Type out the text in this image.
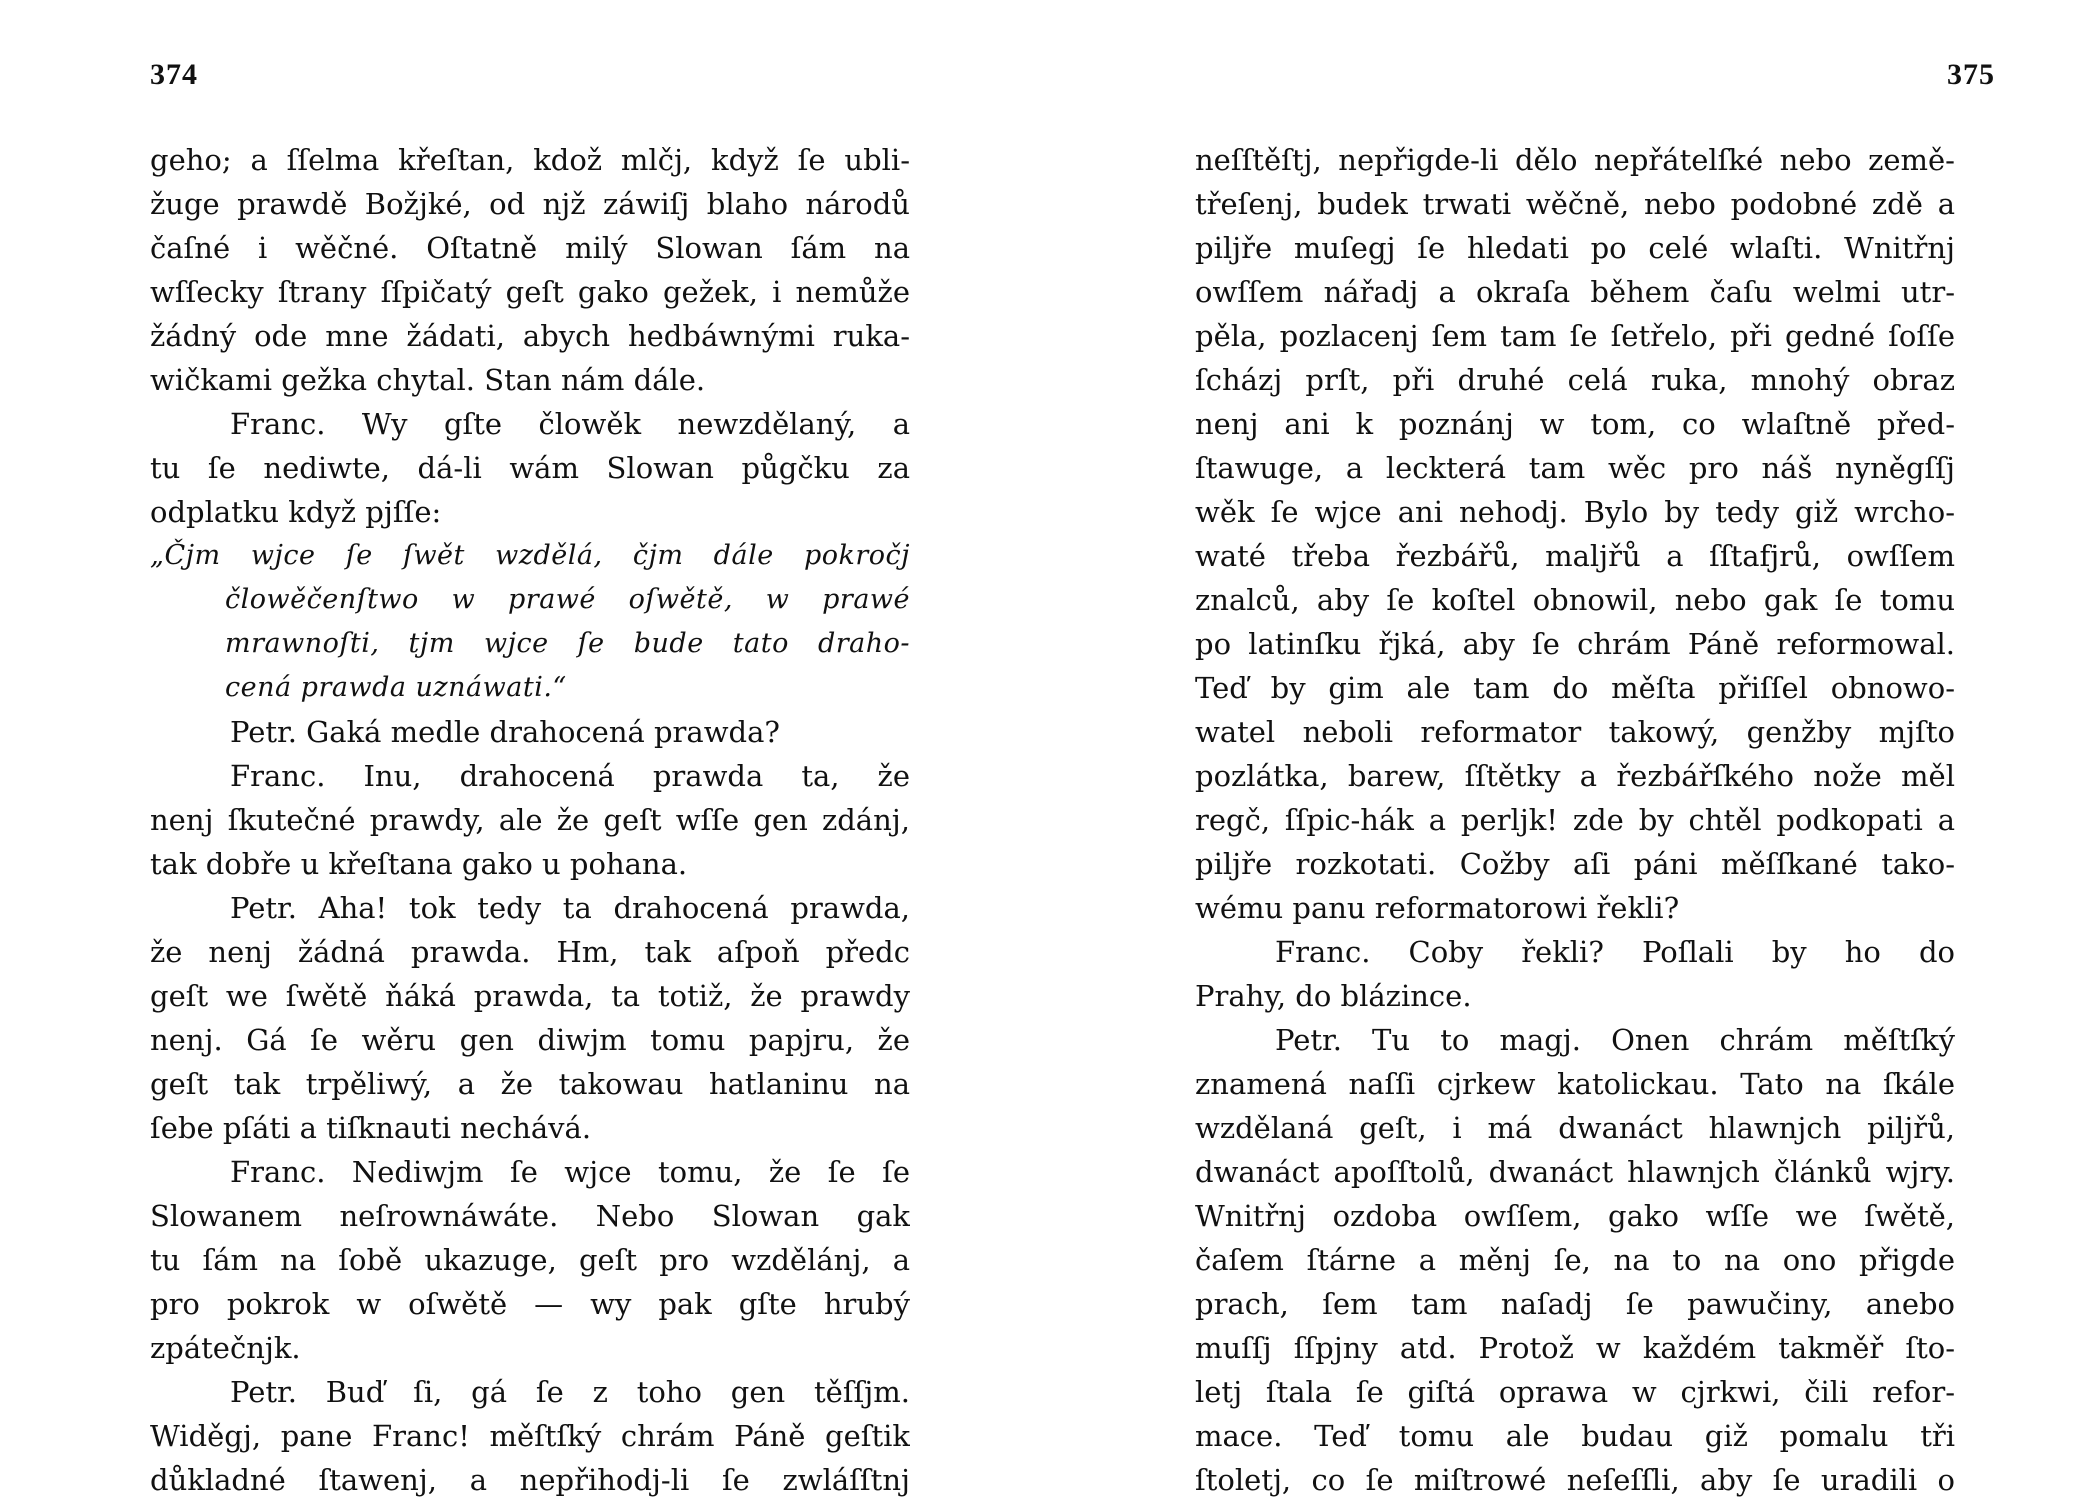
374
geho; a ſſelma křeſtan, kdož mlčj, když ſe ubli-
žuge prawdě Božjké, od njž záwiſj blaho národů
čaſné i wěčné. Oſtatně milý Slowan ſám na
wſſecky ſtrany ſſpičatý geſt gako gežek, i nemůže
žádný ode mne žádati, abych hedbáwnými ruka-
wičkami gežka chytal. Stan nám dále.
Franc. Wy gſte člowěk newzdělaný, a
tu ſe nediwte, dá-li wám Slowan půgčku za
odplatku když pjſſe:
„Čjm wjce ſe ſwět wzdělá, čjm dále pokročj
člowěčenſtwo w prawé oſwětě, w prawé
mrawnoſti, tjm wjce ſe bude tato draho-
cená prawda uznáwati.“
Petr. Gaká medle drahocená prawda?
Franc. Inu, drahocená prawda ta, že
nenj ſkutečné prawdy, ale že geſt wſſe gen zdánj,
tak dobře u křeſtana gako u pohana.
Petr. Aha! tok tedy ta drahocená prawda,
že nenj žádná prawda. Hm, tak aſpoň předc
geſt we ſwětě ňáká prawda, ta totiž, že prawdy
nenj. Gá ſe wěru gen diwjm tomu papjru, že
geſt tak trpěliwý, a že takowau hatlaninu na
ſebe pſáti a tiſknauti nechává.
Franc. Nediwjm ſe wjce tomu, že ſe ſe
Slowanem neſrownáwáte. Nebo Slowan gak
tu ſám na ſobě ukazuge, geſt pro wzdělánj, a
pro pokrok w oſwětě — wy pak gſte hrubý
zpátečnjk.
Petr. Buď ſi, gá ſe z toho gen těſſjm.
Widěgj, pane Franc! měſtſký chrám Páně geſtik
důkladné ſtawenj, a nepřihodj-li ſe zwláſſtnj
375
neſſtěſtj, nepřigde-li dělo nepřátelſké nebo země-
třeſenj, budek trwati wěčně, nebo podobné zdě a
piljře muſegj ſe hledati po celé wlaſti. Wnitřnj
owſſem nářadj a okraſa během čaſu welmi utr-
pěla, pozlacenj ſem tam ſe ſetřelo, při gedné ſoſſe
ſcházj prſt, při druhé celá ruka, mnohý obraz
nenj ani k poznánj w tom, co wlaſtně před-
ſtawuge, a leckterá tam wěc pro náš nyněgſſj
wěk ſe wjce ani nehodj. Bylo by tedy giž wrcho-
waté třeba řezbářů, maljřů a ſſtafjrů, owſſem
znalců, aby ſe koſtel obnowil, nebo gak ſe tomu
po latinſku řjká, aby ſe chrám Páně reformowal.
Teď by gim ale tam do měſta přiſſel obnowo-
watel neboli reformator takowý, genžby mjſto
pozlátka, barew, ſſtětky a řezbářſkého nože měl
regč, ſſpic-hák a perljk! zde by chtěl podkopati a
pilјře rozkotati. Cožby aſi páni měſſkané tako-
wému panu reformatorowi řekli?
Franc. Coby řekli? Poſlali by ho do
Prahy, do blázince.
Petr. Tu to magj. Onen chrám měſtſký
znamená naſſi cjrkew katolickau. Tato na ſkále
wzdělaná geſt, i má dwanáct hlawnjch pilјřů,
dwanáct apoſſtolů, dwanáct hlawnjch článků wjry.
Wnitřnj ozdoba owſſem, gako wſſe we ſwětě,
čaſem ſtárne a měnj ſe, na to na ono přigde
prach, ſem tam naſadj ſe pawučiny, anebo
muſſj ſſpjny atd. Protož w každém takměř ſto-
letj ſtala ſe giſtá oprawa w cjrkwi, čili refor-
mace. Teď tomu ale budau giž pomalu tři
ſtoletj, co ſe miſtrowé neſeſſli, aby ſe uradili o
